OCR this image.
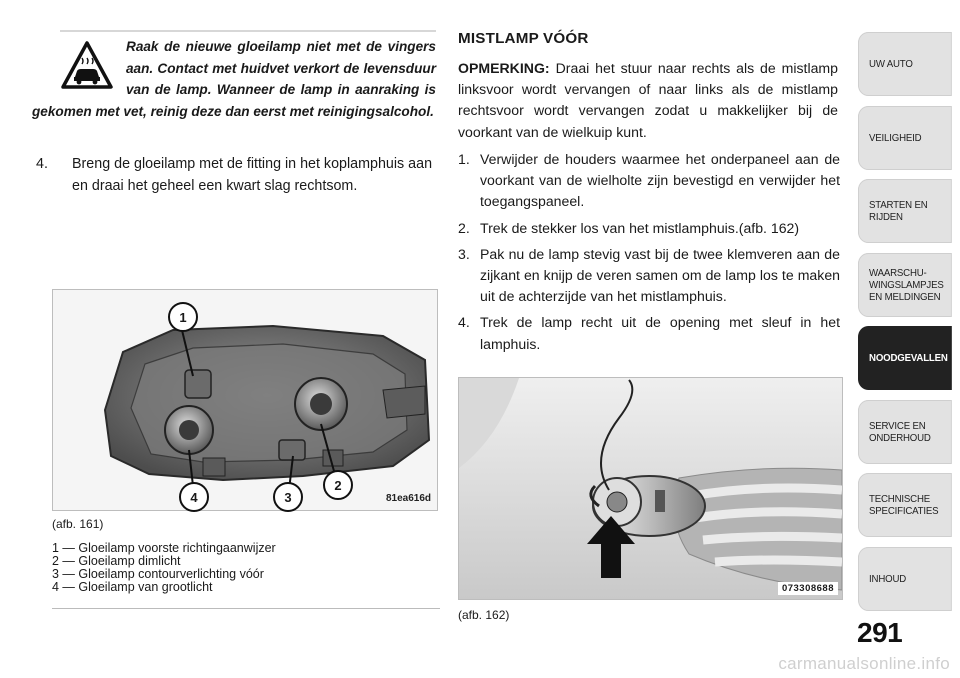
Raak de nieuwe gloeilamp niet met de vingers aan. Contact met huidvet verkort de levensduur van de lamp. Wanneer de lamp in aanraking is gekomen met vet, reinig deze dan eerst met reinigingsalcohol.

4. Breng de gloeilamp met de fitting in het koplamphuis aan en draai het geheel een kwart slag rechtsom.
1
2
3
4	81ea616d
(afb. 161)
1 — Gloeilamp voorste richtingaanwijzer
2 — Gloeilamp dimlicht
3 — Gloeilamp contourverlichting vóór
4 — Gloeilamp van grootlicht
MISTLAMP VÓÓR

OPMERKING: Draai het stuur naar rechts als de mistlamp linksvoor wordt vervangen of naar links als de mistlamp rechtsvoor wordt vervangen zodat u makkelijker bij de voorkant van de wielkuip kunt.

1. Verwijder de houders waarmee het onderpaneel aan de voorkant van de wielholte zijn bevestigd en verwijder het toegangspaneel.
2. Trek de stekker los van het mistlamphuis.(afb. 162)
3. Pak nu de lamp stevig vast bij de twee klemveren aan de zijkant en knijp de veren samen om de lamp los te maken uit de achterzijde van het mistlamphuis.
4. Trek de lamp recht uit de opening met sleuf in het lamphuis.
073308688
(afb. 162)
UW AUTO
VEILIGHEID
STARTEN EN
RIJDEN
WAARSCHU-
WINGSLAMPJES
EN MELDINGEN
NOODGEVALLEN
SERVICE EN
ONDERHOUD
TECHNISCHE
SPECIFICATIES
INHOUD
291
carmanualsonline.info
